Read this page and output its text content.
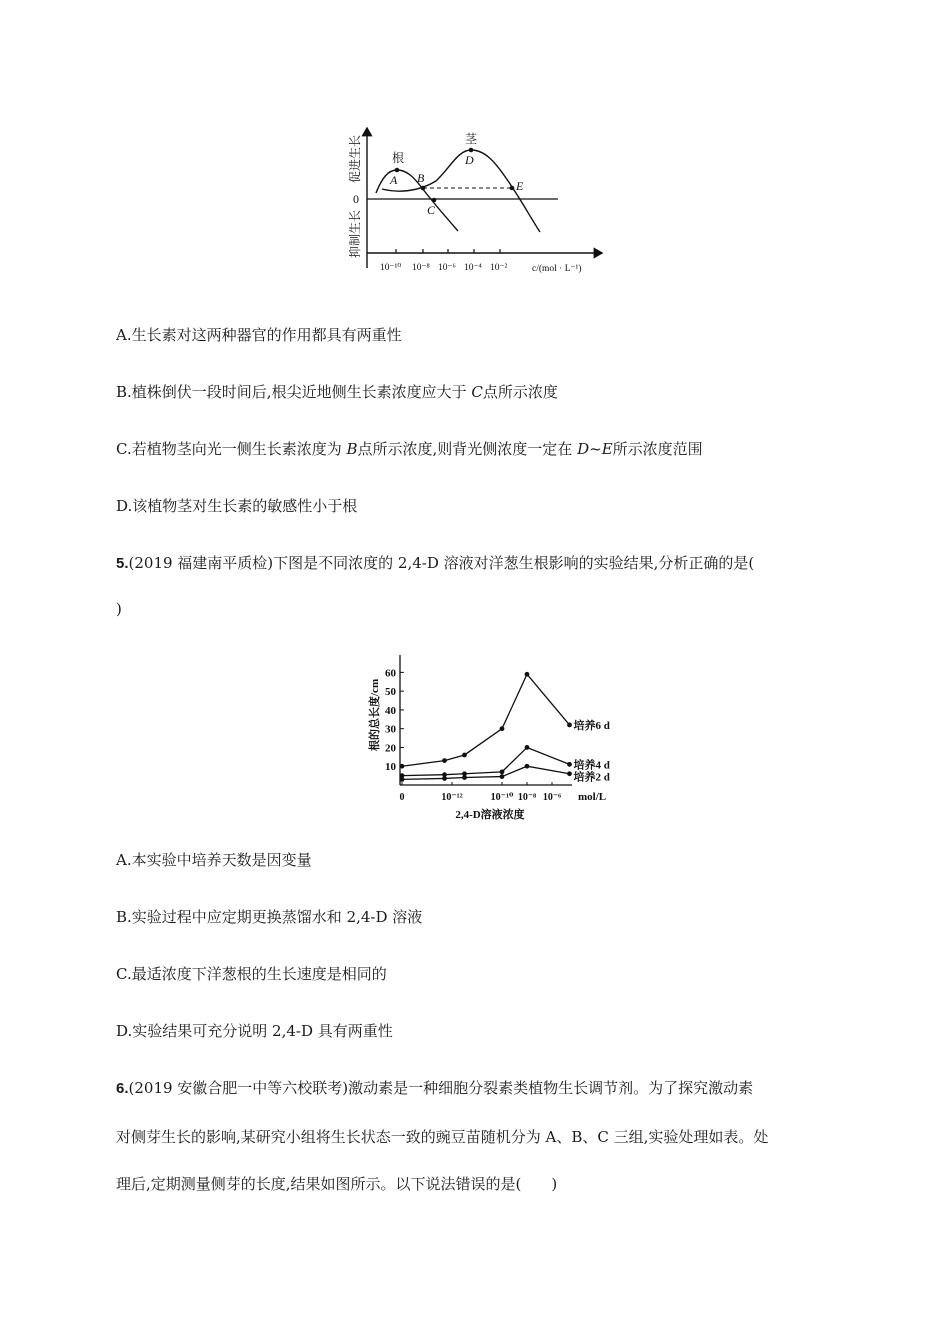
促进生长
抑制生长
0
根
茎
A B
C
D
E
10⁻¹⁰ 10⁻⁸ 10⁻⁶ 10⁻⁴ 10⁻²	c/(mol · L⁻¹)
A.生长素对这两种器官的作用都具有两重性
B.植株倒伏一段时间后,根尖近地侧生长素浓度应大于 C点所示浓度
C.若植物茎向光一侧生长素浓度为 B点所示浓度,则背光侧浓度一定在 D~E所示浓度范围
D.该植物茎对生长素的敏感性小于根
5.(2019 福建南平质检)下图是不同浓度的 2,4-D 溶液对洋葱生根影响的实验结果,分析正确的是(
)
10
20
30
40
50
60
0	10⁻¹²	10⁻¹⁰ 10⁻⁸ 10⁻⁶ mol/L
2,4-D溶液浓度
根的总长度/cm	培养6 d
培养4 d
培养2 d
A.本实验中培养天数是因变量
B.实验过程中应定期更换蒸馏水和 2,4-D 溶液
C.最适浓度下洋葱根的生长速度是相同的
D.实验结果可充分说明 2,4-D 具有两重性
6.(2019 安徽合肥一中等六校联考)激动素是一种细胞分裂素类植物生长调节剂。为了探究激动素
对侧芽生长的影响,某研究小组将生长状态一致的豌豆苗随机分为 A、B、C 三组,实验处理如表。处
理后,定期测量侧芽的长度,结果如图所示。以下说法错误的是(　　)
